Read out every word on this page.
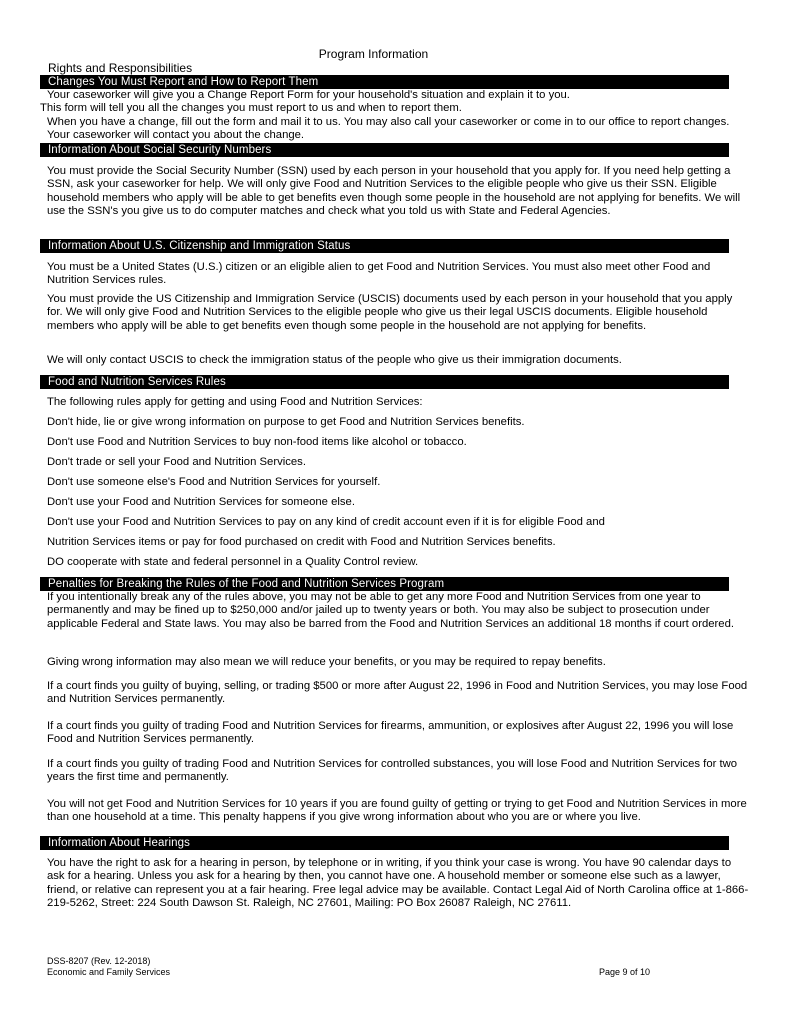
Program Information
Rights and Responsibilities
Changes You Must Report and How to Report Them
Your caseworker will give you a Change Report Form for your household's situation and explain it to you.
This form will tell you all the changes you must report to us and when to report them.
When you have a change, fill out the form and mail it to us. You may also call your caseworker or come in to our office to report changes. Your caseworker will contact you about the change.
Information About Social Security Numbers
You must provide the Social Security Number (SSN) used by each person in your household that you apply for. If you need help getting a SSN, ask your caseworker for help. We will only give Food and Nutrition Services to the eligible people who give us their SSN. Eligible household members who apply will be able to get benefits even though some people in the household are not applying for benefits. We will use the SSN's you give us to do computer matches and check what you told us with State and Federal Agencies.
Information About U.S. Citizenship and Immigration Status
You must be a United States (U.S.) citizen or an eligible alien to get Food and Nutrition Services. You must also meet other Food and Nutrition Services rules.
You must provide the US Citizenship and Immigration Service (USCIS) documents used by each person in your household that you apply for. We will only give Food and Nutrition Services to the eligible people who give us their legal USCIS documents. Eligible household members who apply will be able to get benefits even though some people in the household are not applying for benefits.
We will only contact USCIS to check the immigration status of the people who give us their immigration documents.
Food and Nutrition Services Rules
The following rules apply for getting and using Food and Nutrition Services:
Don't hide, lie or give wrong information on purpose to get Food and Nutrition Services benefits.
Don't use Food and Nutrition Services to buy non-food items like alcohol or tobacco.
Don't trade or sell your Food and Nutrition Services.
Don't use someone else's Food and Nutrition Services for yourself.
Don't use your Food and Nutrition Services for someone else.
Don't use your Food and Nutrition Services to pay on any kind of credit account even if it is for eligible Food and
Nutrition Services items or pay for food purchased on credit with Food and Nutrition Services benefits.
DO cooperate with state and federal personnel in a Quality Control review.
Penalties for Breaking the Rules of the Food and Nutrition Services Program
If you intentionally break any of the rules above, you may not be able to get any more Food and Nutrition Services from one year to permanently and may be fined up to $250,000 and/or jailed up to twenty years or both. You may also be subject to prosecution under applicable Federal and State laws. You may also be barred from the Food and Nutrition Services an additional 18 months if court ordered.
Giving wrong information may also mean we will reduce your benefits, or you may be required to repay benefits.
If a court finds you guilty of buying, selling, or trading $500 or more after August 22, 1996 in Food and Nutrition Services, you may lose Food and Nutrition Services permanently.
If a court finds you guilty of trading Food and Nutrition Services for firearms, ammunition, or explosives after August 22, 1996 you will lose Food and Nutrition Services permanently.
If a court finds you guilty of trading Food and Nutrition Services for controlled substances, you will lose Food and Nutrition Services for two years the first time and permanently.
You will not get Food and Nutrition Services for 10 years if you are found guilty of getting or trying to get Food and Nutrition Services in more than one household at a time. This penalty happens if you give wrong information about who you are or where you live.
Information About Hearings
You have the right to ask for a hearing in person, by telephone or in writing, if you think your case is wrong. You have 90 calendar days to ask for a hearing. Unless you ask for a hearing by then, you cannot have one. A household member or someone else such as a lawyer, friend, or relative can represent you at a fair hearing. Free legal advice may be available. Contact Legal Aid of North Carolina office at 1-866-219-5262, Street: 224 South Dawson St. Raleigh, NC 27601, Mailing: PO Box 26087 Raleigh, NC 27611.
DSS-8207 (Rev. 12-2018)
Economic and Family Services	Page 9 of 10
